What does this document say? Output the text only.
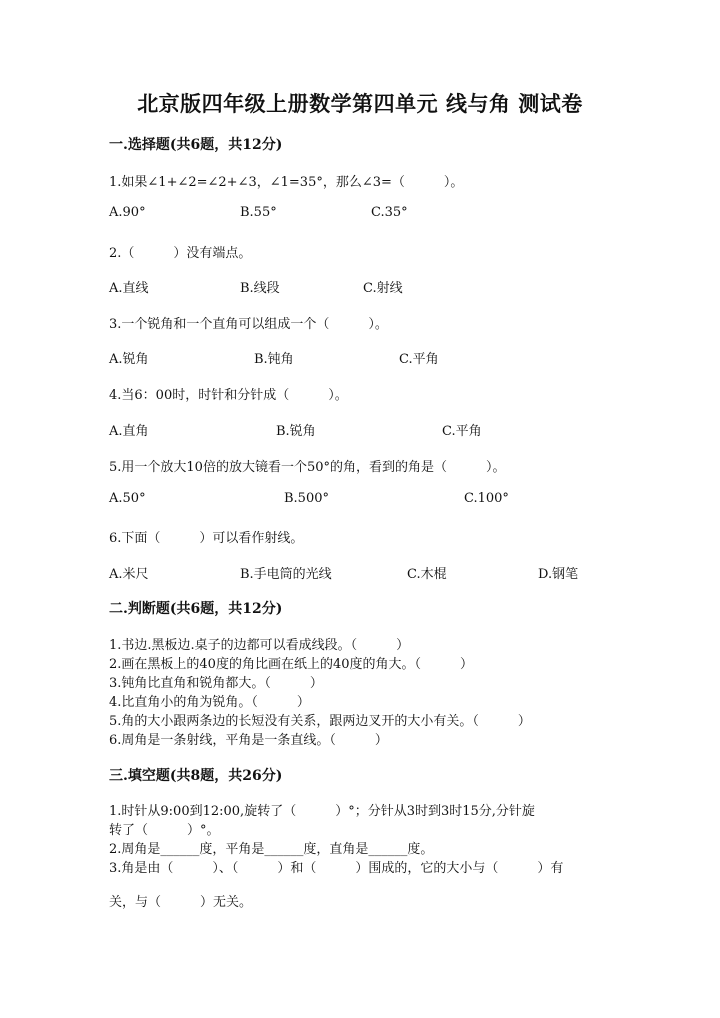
北京版四年级上册数学第四单元 线与角 测试卷
一.选择题(共6题，共12分)
1.如果∠1+∠2=∠2+∠3，∠1=35°，那么∠3=（　　　）。
A.90°	B.55°	C.35°
2.（　　　）没有端点。
A.直线	B.线段	C.射线
3.一个锐角和一个直角可以组成一个（　　　）。
A.锐角	B.钝角	C.平角
4.当6：00时，时针和分针成（　　　）。
A.直角	B.锐角	C.平角
5.用一个放大10倍的放大镜看一个50°的角，看到的角是（　　　）。
A.50°	B.500°	C.100°
6.下面（　　　）可以看作射线。
A.米尺	B.手电筒的光线	C.木棍	D.钢笔
二.判断题(共6题，共12分)
1.书边.黑板边.桌子的边都可以看成线段。（　　　）
2.画在黑板上的40度的角比画在纸上的40度的角大。（　　　）
3.钝角比直角和锐角都大。（　　　）
4.比直角小的角为锐角。（　　　）
5.角的大小跟两条边的长短没有关系，跟两边叉开的大小有关。（　　　）
6.周角是一条射线，平角是一条直线。（　　　）
三.填空题(共8题，共26分)
1.时针从9:00到12:00,旋转了（　　　）°；分针从3时到3时15分,分针旋
转了（　　　）°。
2.周角是______度，平角是______度，直角是______度。
3.角是由（　　　）、（　　　）和（　　　）围成的，它的大小与（　　　）有
关，与（　　　）无关。
